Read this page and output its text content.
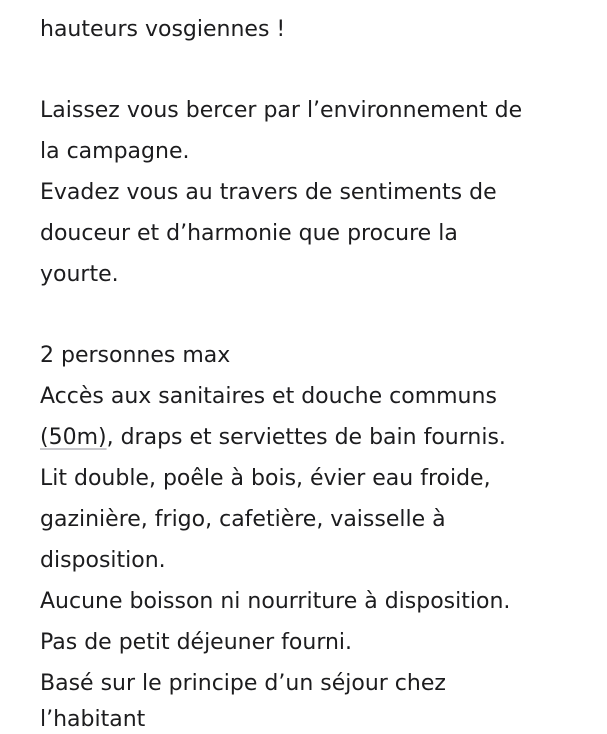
hauteurs vosgiennes !
Laissez vous bercer par l’environnement de
la campagne.
Evadez vous au travers de sentiments de
douceur et d’harmonie que procure la
yourte.
2 personnes max
Accès aux sanitaires et douche communs
(50m), draps et serviettes de bain fournis.
Lit double, poêle à bois, évier eau froide,
gazinière, frigo, cafetière, vaisselle à
disposition.
Aucune boisson ni nourriture à disposition.
Pas de petit déjeuner fourni.
Basé sur le principe d’un séjour chez
l’habitant
